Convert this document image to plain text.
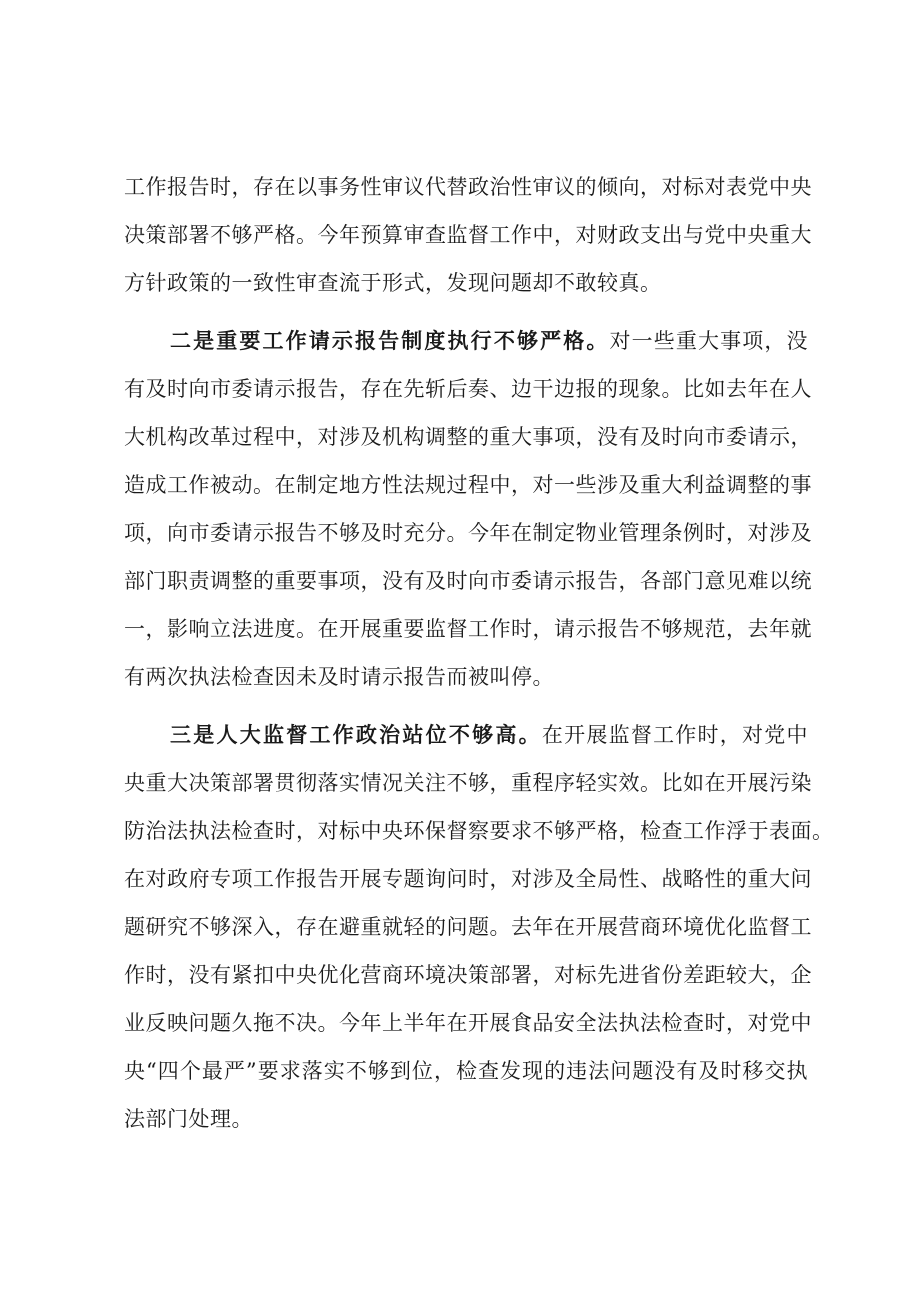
工作报告时，存在以事务性审议代替政治性审议的倾向，对标对表党中央
决策部署不够严格。今年预算审查监督工作中，对财政支出与党中央重大
方针政策的一致性审查流于形式，发现问题却不敢较真。
二是重要工作请示报告制度执行不够严格。对一些重大事项，没
有及时向市委请示报告，存在先斩后奏、边干边报的现象。比如去年在人
大机构改革过程中，对涉及机构调整的重大事项，没有及时向市委请示，
造成工作被动。在制定地方性法规过程中，对一些涉及重大利益调整的事
项，向市委请示报告不够及时充分。今年在制定物业管理条例时，对涉及
部门职责调整的重要事项，没有及时向市委请示报告，各部门意见难以统
一，影响立法进度。在开展重要监督工作时，请示报告不够规范，去年就
有两次执法检查因未及时请示报告而被叫停。
三是人大监督工作政治站位不够高。在开展监督工作时，对党中
央重大决策部署贯彻落实情况关注不够，重程序轻实效。比如在开展污染
防治法执法检查时，对标中央环保督察要求不够严格，检查工作浮于表面。
在对政府专项工作报告开展专题询问时，对涉及全局性、战略性的重大问
题研究不够深入，存在避重就轻的问题。去年在开展营商环境优化监督工
作时，没有紧扣中央优化营商环境决策部署，对标先进省份差距较大，企
业反映问题久拖不决。今年上半年在开展食品安全法执法检查时，对党中
央“四个最严”要求落实不够到位，检查发现的违法问题没有及时移交执
法部门处理。
